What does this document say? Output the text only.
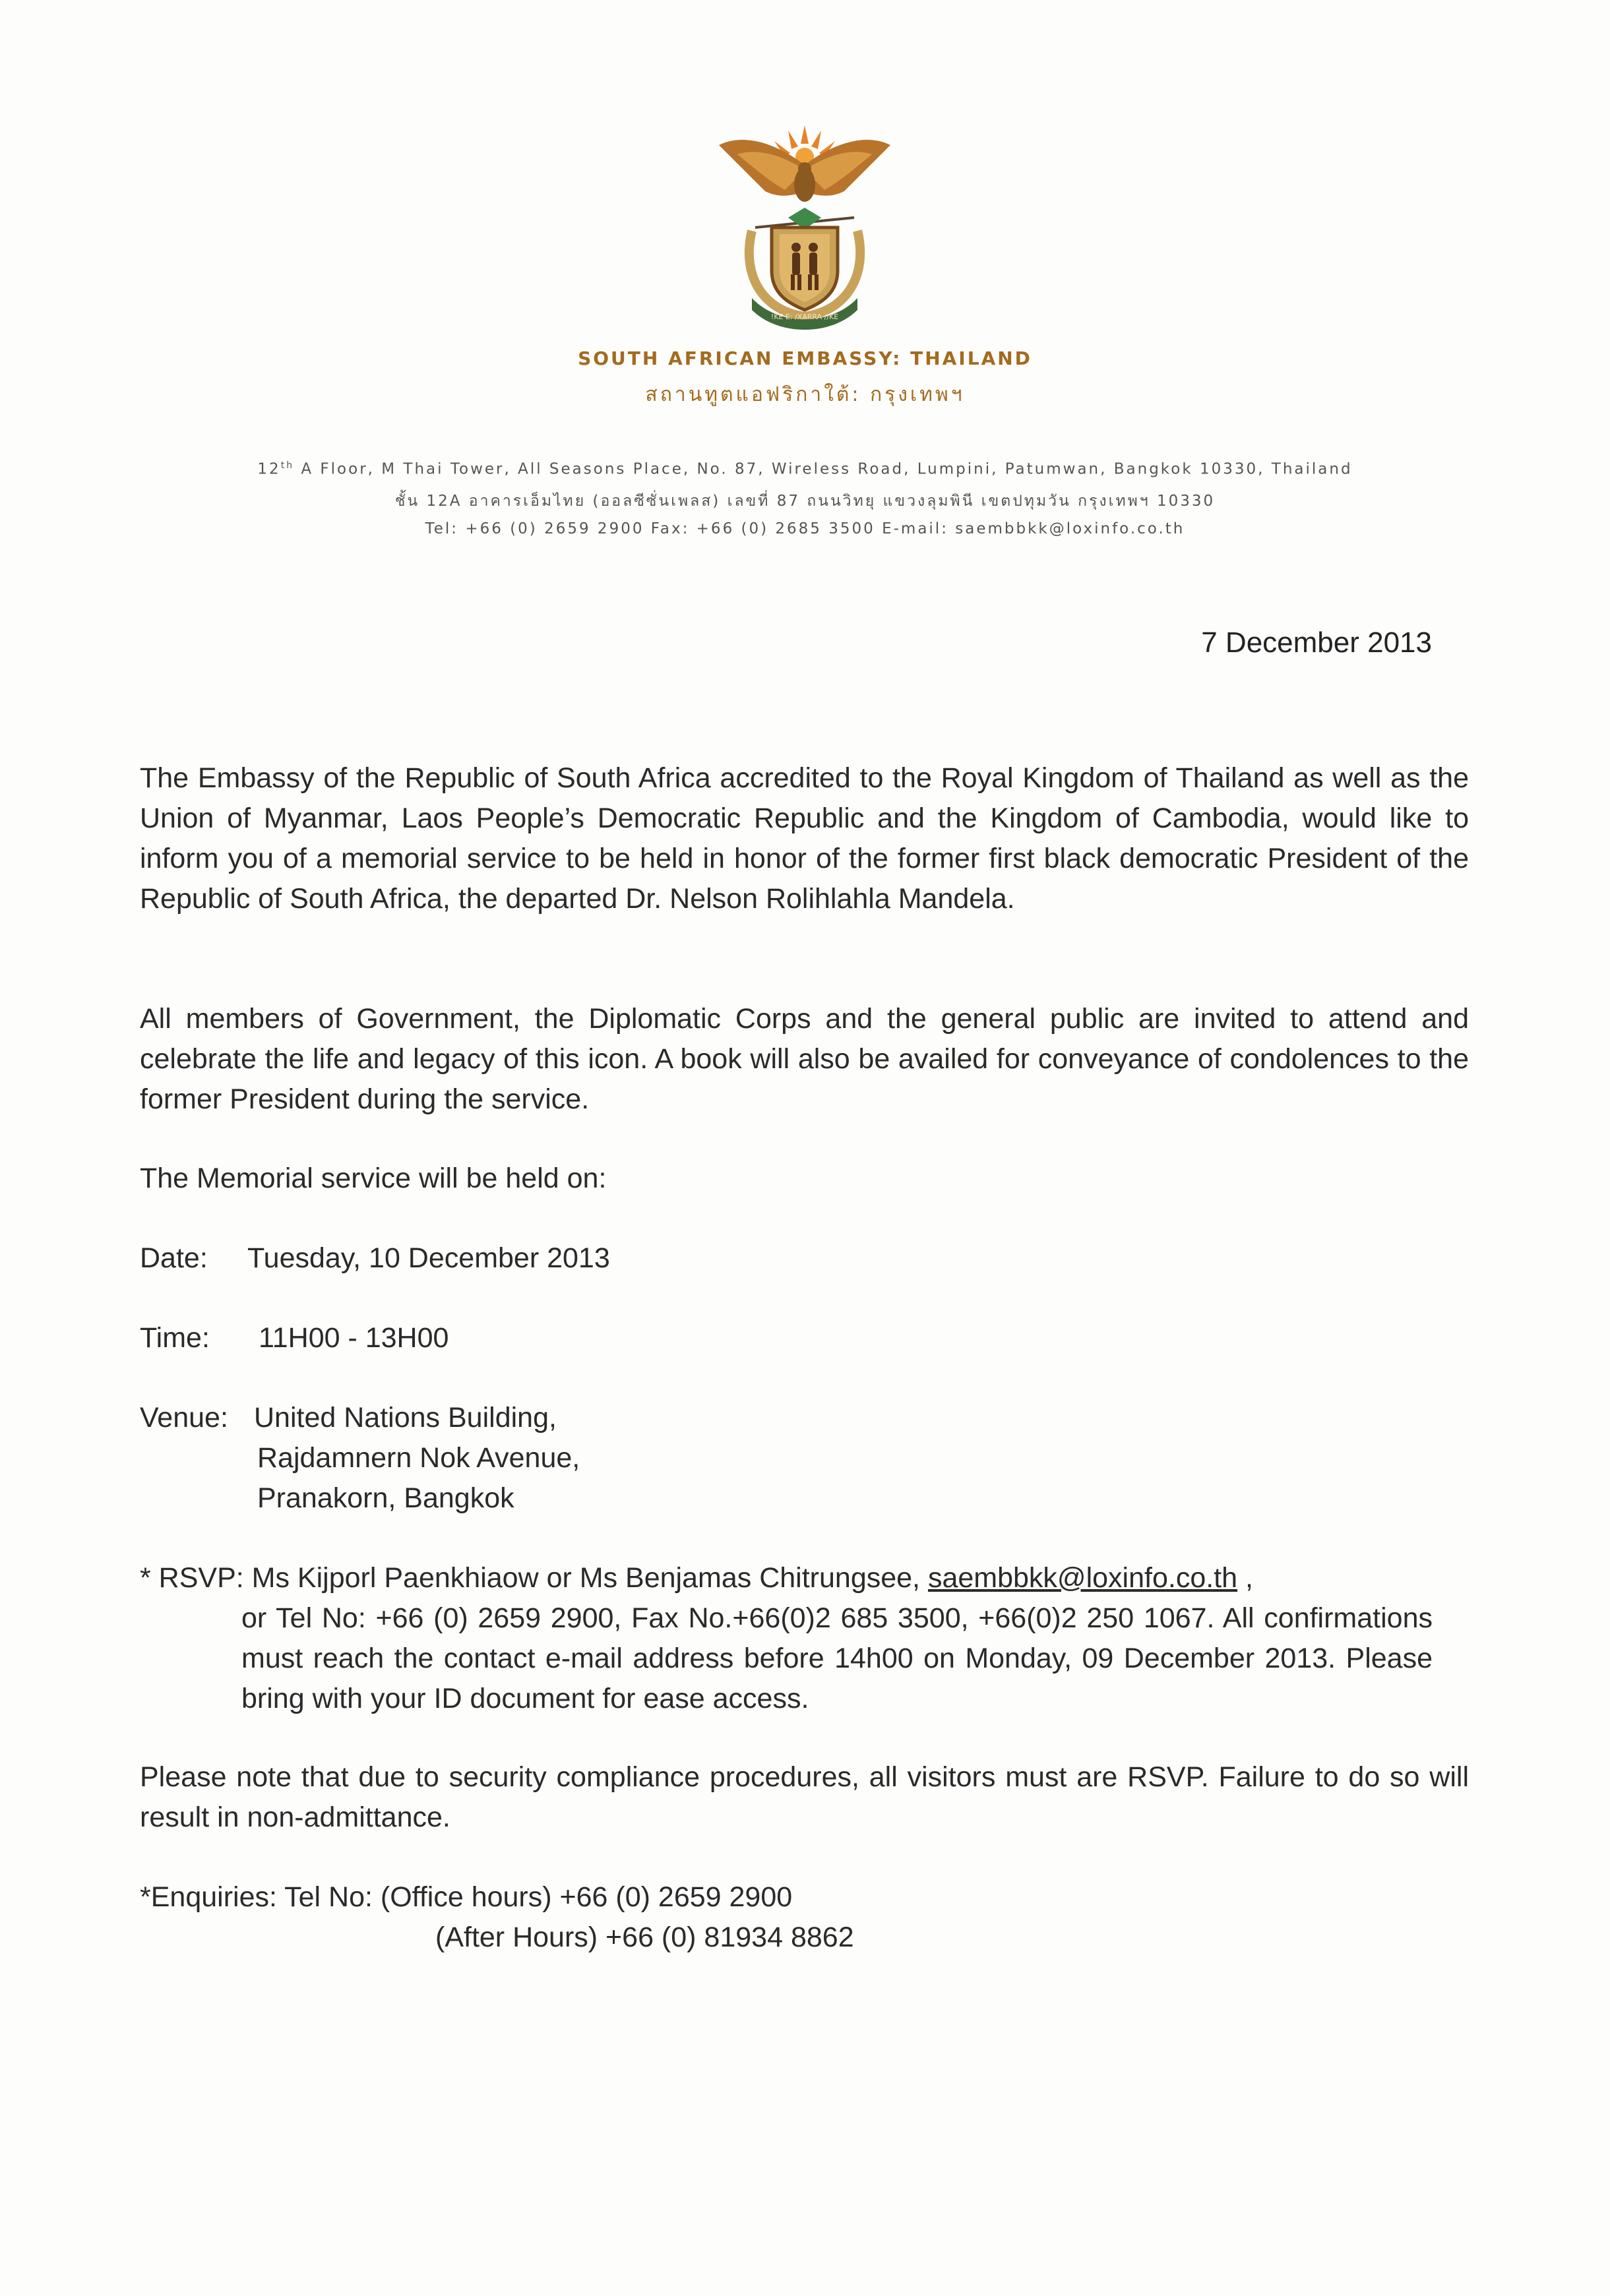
!KE E: /XARRA //KE
SOUTH AFRICAN EMBASSY: THAILAND
สถานทูตแอฟริกาใต้: กรุงเทพฯ
12th A Floor, M Thai Tower, All Seasons Place, No. 87, Wireless Road, Lumpini, Patumwan, Bangkok 10330, Thailand
ชั้น 12A อาคารเอ็มไทย (ออลซีซั่นเพลส) เลขที่ 87 ถนนวิทยุ แขวงลุมพินี เขตปทุมวัน กรุงเทพฯ 10330
Tel: +66 (0) 2659 2900 Fax: +66 (0) 2685 3500 E-mail: saembbkk@loxinfo.co.th
7 December 2013
The Embassy of the Republic of South Africa accredited to the Royal Kingdom of Thailand as well as the Union of Myanmar, Laos People’s Democratic Republic and the Kingdom of Cambodia, would like to inform you of a memorial service to be held in honor of the former first black democratic President of the Republic of South Africa, the departed Dr. Nelson Rolihlahla Mandela.
All members of Government, the Diplomatic Corps and the general public are invited to attend and celebrate the life and legacy of this icon. A book will also be availed for conveyance of condolences to the former President during the service.
The Memorial service will be held on:
Date: Tuesday, 10 December 2013
Time: 11H00 - 13H00
Venue: United Nations Building,
Rajdamnern Nok Avenue,
Pranakorn, Bangkok
* RSVP: Ms Kijporl Paenkhiaow or Ms Benjamas Chitrungsee, saembbkk@loxinfo.co.th ,
or Tel No: +66 (0) 2659 2900, Fax No.+66(0)2 685 3500, +66(0)2 250 1067. All confirmations must reach the contact e-mail address before 14h00 on Monday, 09 December 2013. Please bring with your ID document for ease access.
Please note that due to security compliance procedures, all visitors must are RSVP. Failure to do so will result in non-admittance.
*Enquiries: Tel No: (Office hours) +66 (0) 2659 2900
(After Hours) +66 (0) 81934 8862
